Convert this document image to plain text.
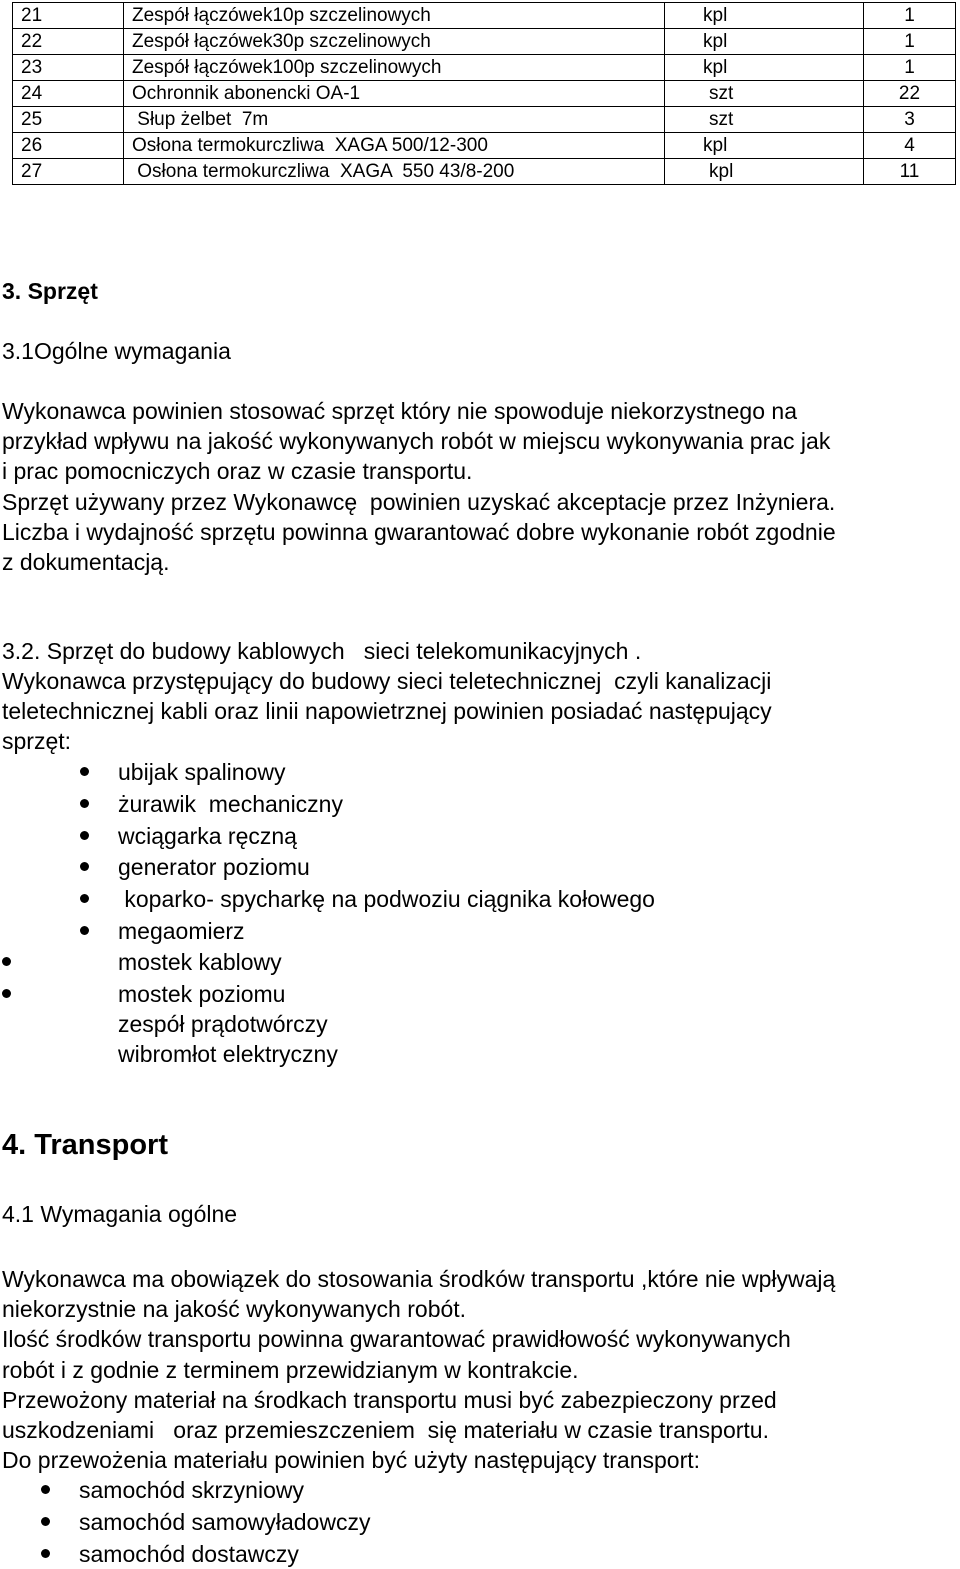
21	Zespół łączówek10p szczelinowych	kpl	1
22	Zespół łączówek30p szczelinowych	kpl	1
23	Zespół łączówek100p szczelinowych	kpl	1
24	Ochronnik abonencki OA-1	szt	22
25	Słup żelbet  7m	szt	3
26	Osłona termokurczliwa  XAGA 500/12-300	kpl	4
27	Osłona termokurczliwa  XAGA  550 43/8-200	kpl	11
3. Sprzęt
3.1Ogólne wymagania
Wykonawca powinien stosować sprzęt który nie spowoduje niekorzystnego na
przykład wpływu na jakość wykonywanych robót w miejscu wykonywania prac jak
i prac pomocniczych oraz w czasie transportu.
Sprzęt używany przez Wykonawcę  powinien uzyskać akceptacje przez Inżyniera.
Liczba i wydajność sprzętu powinna gwarantować dobre wykonanie robót zgodnie
z dokumentacją.
3.2. Sprzęt do budowy kablowych   sieci telekomunikacyjnych .
Wykonawca przystępujący do budowy sieci teletechnicznej  czyli kanalizacji
teletechnicznej kabli oraz linii napowietrznej powinien posiadać następujący
sprzęt:
ubijak spalinowy
żurawik  mechaniczny
wciągarka ręczną
generator poziomu
koparko- spycharkę na podwoziu ciągnika kołowego
megaomierz
mostek kablowy
mostek poziomu
zespół prądotwórczy
wibromłot elektryczny
4. Transport
4.1 Wymagania ogólne
Wykonawca ma obowiązek do stosowania środków transportu ,które nie wpływają
niekorzystnie na jakość wykonywanych robót.
Ilość środków transportu powinna gwarantować prawidłowość wykonywanych
robót i z godnie z terminem przewidzianym w kontrakcie.
Przewożony materiał na środkach transportu musi być zabezpieczony przed
uszkodzeniami   oraz przemieszczeniem  się materiału w czasie transportu.
Do przewożenia materiału powinien być użyty następujący transport:
samochód skrzyniowy
samochód samowyładowczy
samochód dostawczy
